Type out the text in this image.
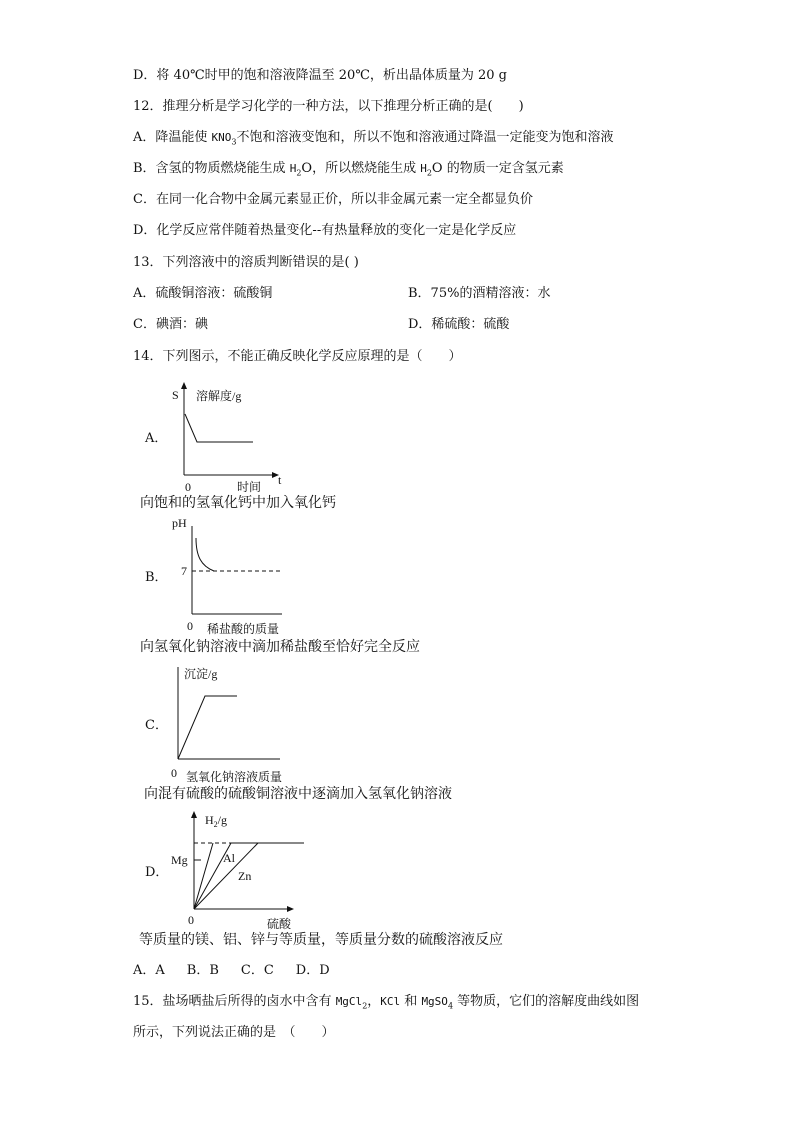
D．将 40℃时甲的饱和溶液降温至 20℃，析出晶体质量为 20 g
12．推理分析是学习化学的一种方法，以下推理分析正确的是(　　)
A．降温能使 $KNO_3$不饱和溶液变饱和，所以不饱和溶液通过降温一定能变为饱和溶液
B．含氢的物质燃烧能生成 $H_2O$，所以燃烧能生成 $H_2O$ 的物质一定含氢元素
C．在同一化合物中金属元素显正价，所以非金属元素一定全都显负价
D．化学反应常伴随着热量变化--有热量释放的变化一定是化学反应
13．下列溶液中的溶质判断错误的是( )
A．硫酸铜溶液：硫酸铜	B．75%的酒精溶液：水
C．碘酒：碘	D．稀硫酸：硫酸
14．下列图示，不能正确反映化学反应原理的是（　　）
A．
S 溶解度/g
t
0	时间
向饱和的氢氧化钙中加入氧化钙
B．
pH
7
0 稀盐酸的质量
向氢氧化钠溶液中滴加稀盐酸至恰好完全反应
C．
沉淀/g
0 氢氧化钠溶液质量
向混有硫酸的硫酸铜溶液中逐滴加入氢氧化钠溶液
D．
$H_2/g$
Mg	Al
Zn
0	硫酸
等质量的镁、铝、锌与等质量，等质量分数的硫酸溶液反应
A．A B．B C．C D．D
15．盐场晒盐后所得的卤水中含有 MgCl$_2$，KCl 和 MgSO$_4$ 等物质，它们的溶解度曲线如图
所示，下列说法正确的是　（　　）
